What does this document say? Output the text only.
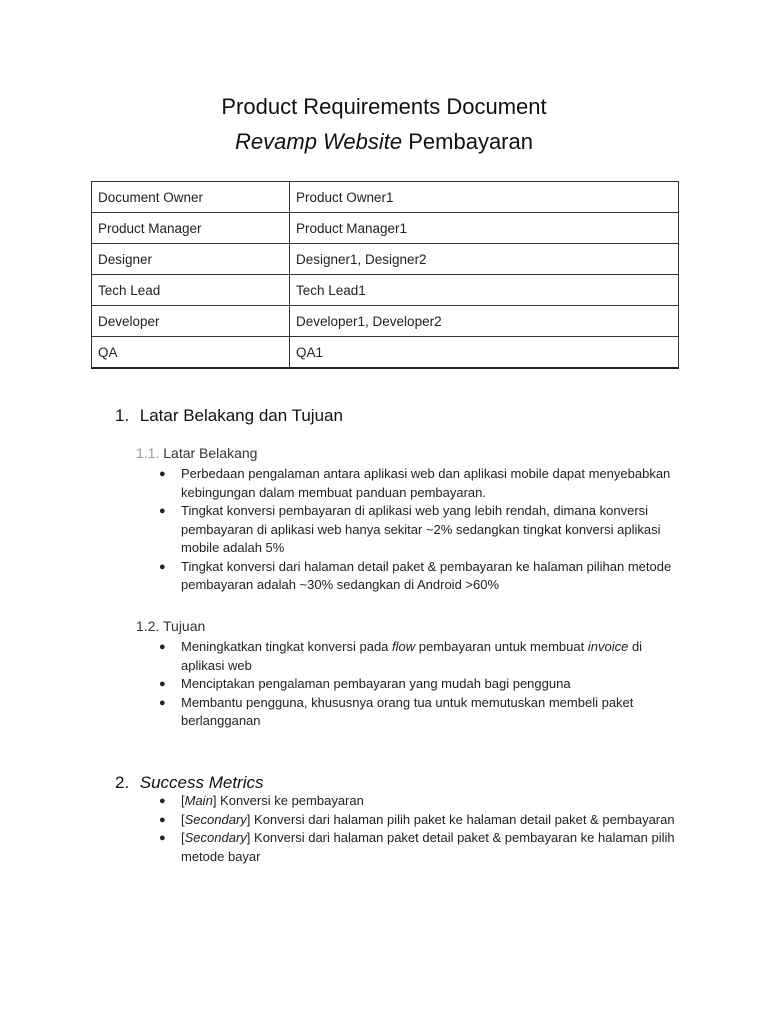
Product Requirements Document
Revamp Website Pembayaran
Document Owner	Product Owner1
Product Manager	Product Manager1
Designer	Designer1, Designer2
Tech Lead	Tech Lead1
Developer	Developer1, Developer2
QA	QA1
1. Latar Belakang dan Tujuan
1.1. Latar Belakang
● Perbedaan pengalaman antara aplikasi web dan aplikasi mobile dapat menyebabkan kebingungan dalam membuat panduan pembayaran.
● Tingkat konversi pembayaran di aplikasi web yang lebih rendah, dimana konversi pembayaran di aplikasi web hanya sekitar ~2% sedangkan tingkat konversi aplikasi mobile adalah 5%
● Tingkat konversi dari halaman detail paket & pembayaran ke halaman pilihan metode pembayaran adalah ~30% sedangkan di Android >60%
1.2. Tujuan
● Meningkatkan tingkat konversi pada flow pembayaran untuk membuat invoice di aplikasi web
● Menciptakan pengalaman pembayaran yang mudah bagi pengguna
● Membantu pengguna, khususnya orang tua untuk memutuskan membeli paket berlangganan
2. Success Metrics
● [Main] Konversi ke pembayaran
● [Secondary] Konversi dari halaman pilih paket ke halaman detail paket & pembayaran
● [Secondary] Konversi dari halaman paket detail paket & pembayaran ke halaman pilih metode bayar
